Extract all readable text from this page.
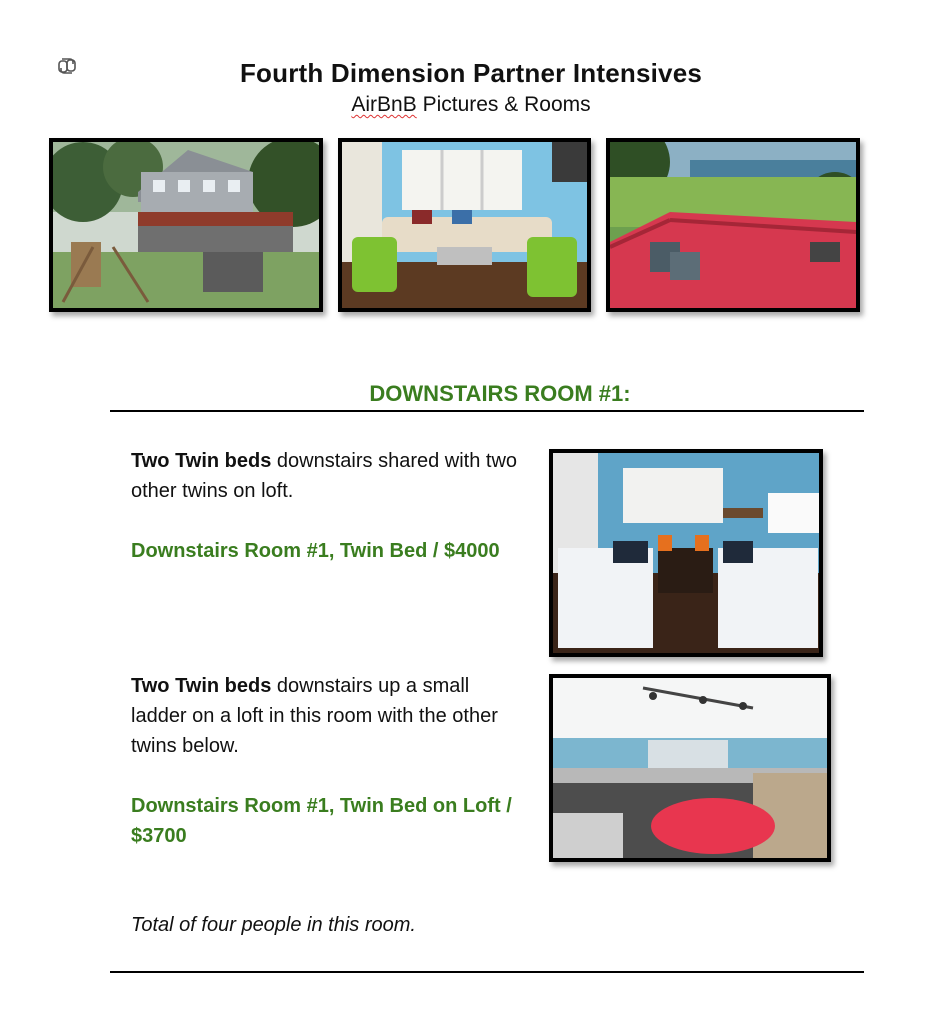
Fourth Dimension Partner Intensives
AirBnB Pictures & Rooms
DOWNSTAIRS ROOM #1:
Two Twin beds downstairs shared with two other twins on loft.
Downstairs Room #1, Twin Bed / $4000
Two Twin beds downstairs up a small ladder on a loft in this room with the other twins below.
Downstairs Room #1, Twin Bed on Loft / $3700
Total of four people in this room.
